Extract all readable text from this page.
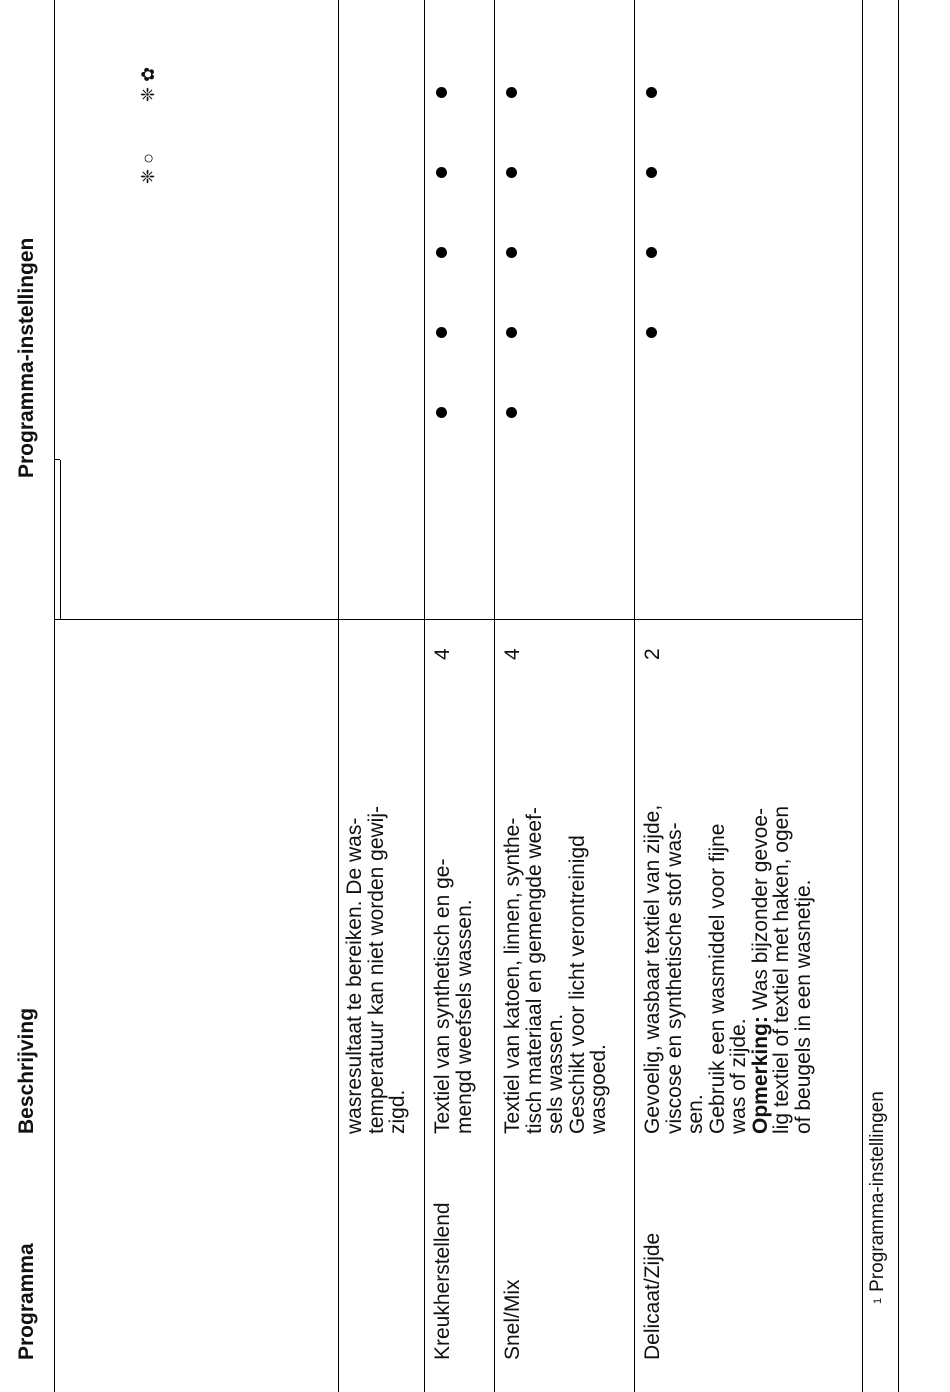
Programma
Beschrijving
Programma-instellingen
❈ ✿
❈ ○
wasresultaat te bereiken. De was-
temperatuur kan niet worden gewij-
zigd.
Kreukherstellend
Textiel van synthetisch en ge-
mengd weefsels wassen.
4
Snel/Mix
Textiel van katoen, linnen, synthe-
tisch materiaal en gemengde weef-
sels wassen.
Geschikt voor licht verontreinigd
wasgoed.
4
Delicaat/Zijde
Gevoelig, wasbaar textiel van zijde,
viscose en synthetische stof was-
sen.
Gebruik een wasmiddel voor fijne
was of zijde.
Opmerking: Was bijzonder gevoe-
lig textiel of textiel met haken, ogen
of beugels in een wasnetje.
2
$^1$Programma-instellingen
